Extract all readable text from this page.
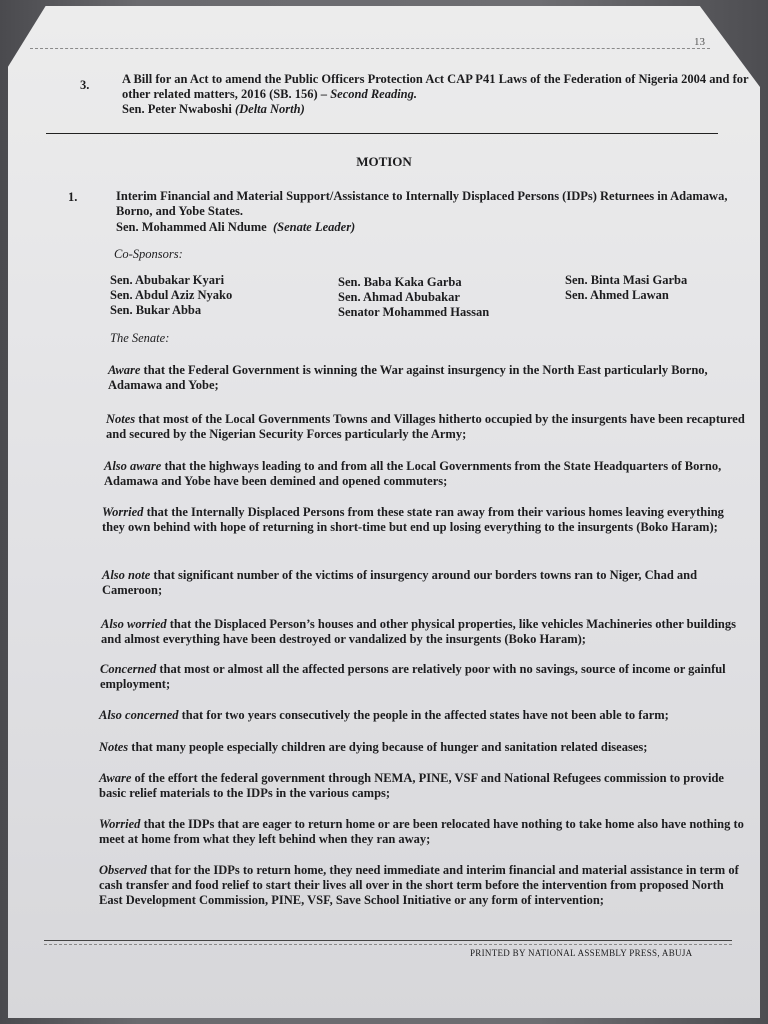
13
3.	A Bill for an Act to amend the Public Officers Protection Act CAP P41 Laws of the Federation of Nigeria 2004 and for other related matters, 2016 (SB. 156) – Second Reading.
Sen. Peter Nwaboshi (Delta North)
MOTION
1.	Interim Financial and Material Support/Assistance to Internally Displaced Persons (IDPs) Returnees in Adamawa, Borno, and Yobe States.
Sen. Mohammed Ali Ndume (Senate Leader)
Co-Sponsors:
Sen. Abubakar Kyari
Sen. Abdul Aziz Nyako
Sen. Bukar Abba
Sen. Baba Kaka Garba
Sen. Ahmad Abubakar
Senator Mohammed Hassan
Sen. Binta Masi Garba
Sen. Ahmed Lawan
The Senate:
Aware that the Federal Government is winning the War against insurgency in the North East particularly Borno, Adamawa and Yobe;
Notes that most of the Local Governments Towns and Villages hitherto occupied by the insurgents have been recaptured and secured by the Nigerian Security Forces particularly the Army;
Also aware that the highways leading to and from all the Local Governments from the State Headquarters of Borno, Adamawa and Yobe have been demined and opened commuters;
Worried that the Internally Displaced Persons from these state ran away from their various homes leaving everything they own behind with hope of returning in short-time but end up losing everything to the insurgents (Boko Haram);
Also note that significant number of the victims of insurgency around our borders towns ran to Niger, Chad and Cameroon;
Also worried that the Displaced Person’s houses and other physical properties, like vehicles Machineries other buildings and almost everything have been destroyed or vandalized by the insurgents (Boko Haram);
Concerned that most or almost all the affected persons are relatively poor with no savings, source of income or gainful employment;
Also concerned that for two years consecutively the people in the affected states have not been able to farm;
Notes that many people especially children are dying because of hunger and sanitation related diseases;
Aware of the effort the federal government through NEMA, PINE, VSF and National Refugees commission to provide basic relief materials to the IDPs in the various camps;
Worried that the IDPs that are eager to return home or are been relocated have nothing to take home also have nothing to meet at home from what they left behind when they ran away;
Observed that for the IDPs to return home, they need immediate and interim financial and material assistance in term of cash transfer and food relief to start their lives all over in the short term before the intervention from proposed North East Development Commission, PINE, VSF, Save School Initiative or any form of intervention;
PRINTED BY NATIONAL ASSEMBLY PRESS, ABUJA
